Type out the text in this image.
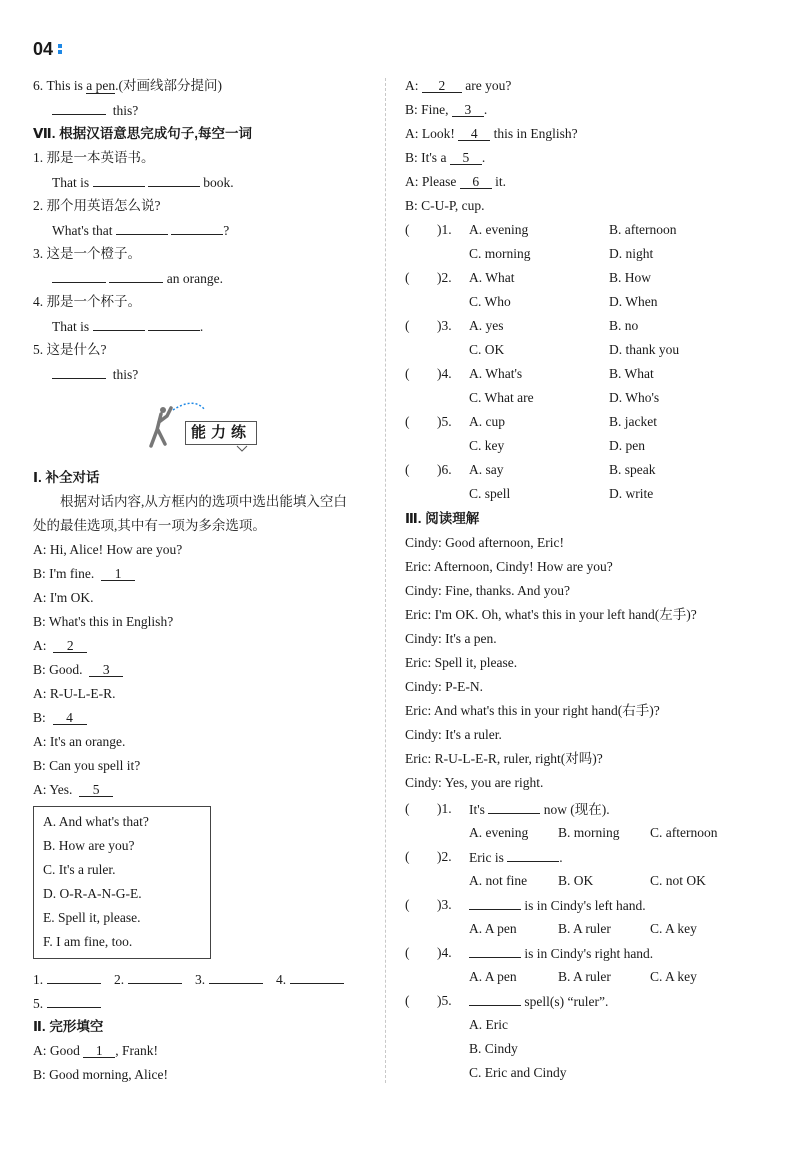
04
6. This is a pen.(对画线部分提问)
this?
Ⅶ. 根据汉语意思完成句子,每空一词
1. 那是一本英语书。
That is	book.
2. 那个用英语怎么说?
What's that	?
3. 这是一个橙子。
an orange.
4. 那是一个杯子。
That is	.
5. 这是什么?
this?
能力练
Ⅰ. 补全对话
根据对话内容,从方框内的选项中选出能填入空白
处的最佳选项,其中有一项为多余选项。
A: Hi, Alice! How are you?
B: I'm fine. 1
A: I'm OK.
B: What's this in English?
A: 2
B: Good. 3
A: R-U-L-E-R.
B: 4
A: It's an orange.
B: Can you spell it?
A: Yes. 5
A. And what's that?
B. How are you?
C. It's a ruler.
D. O-R-A-N-G-E.
E. Spell it, please.
F. I am fine, too.
1.	2.	3.	4.
5.
Ⅱ. 完形填空
A: Good 1 , Frank!
B: Good morning, Alice!
A: 2 are you?
B: Fine, 3 .
A: Look! 4 this in English?
B: It's a 5 .
A: Please 6 it.
B: C-U-P, cup.
( )1. A. evening	B. afternoon
C. morning	D. night
( )2. A. What	B. How
C. Who	D. When
( )3. A. yes	B. no
C. OK	D. thank you
( )4. A. What's	B. What
C. What are	D. Who's
( )5. A. cup	B. jacket
C. key	D. pen
( )6. A. say	B. speak
C. spell	D. write
Ⅲ. 阅读理解
Cindy: Good afternoon, Eric!
Eric: Afternoon, Cindy! How are you?
Cindy: Fine, thanks. And you?
Eric: I'm OK. Oh, what's this in your left hand(左手)?
Cindy: It's a pen.
Eric: Spell it, please.
Cindy: P-E-N.
Eric: And what's this in your right hand(右手)?
Cindy: It's a ruler.
Eric: R-U-L-E-R, ruler, right(对吗)?
Cindy: Yes, you are right.
( )1. It's	now (现在).
A. evening B. morning C. afternoon
( )2. Eric is	.
A. not fine B. OK	C. not OK
( )3.	is in Cindy's left hand.
A. A pen	B. A ruler	C. A key
( )4.	is in Cindy's right hand.
A. A pen	B. A ruler	C. A key
( )5.	spell(s) “ruler”.
A. Eric
B. Cindy
C. Eric and Cindy
